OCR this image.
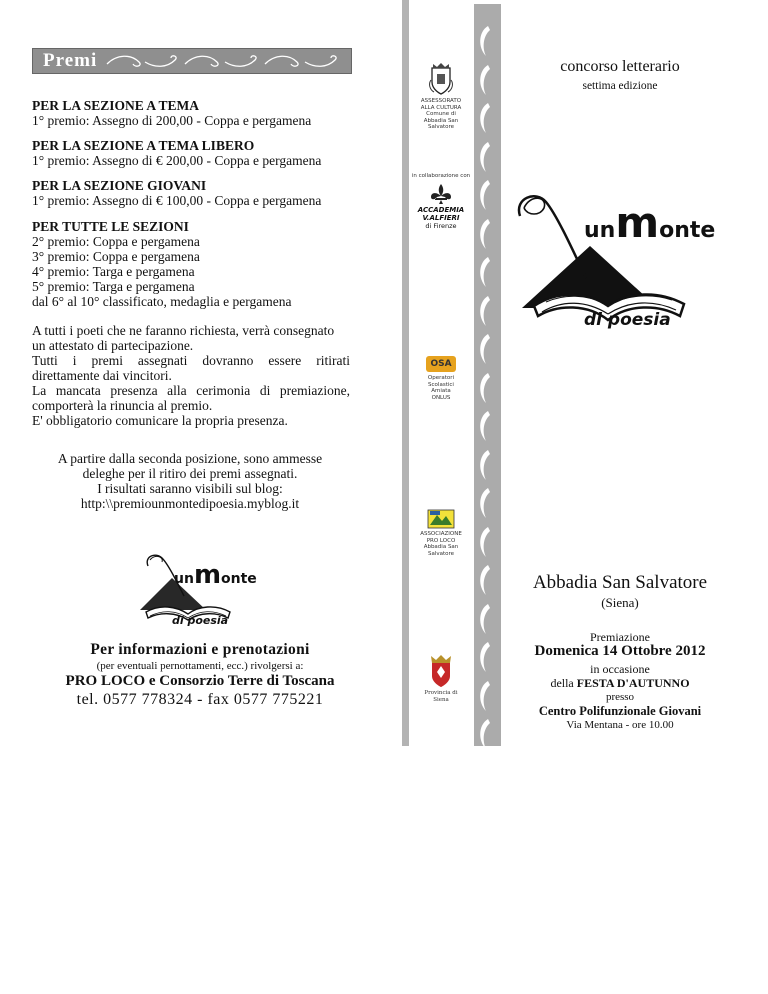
Premi
PER LA SEZIONE A TEMA
1° premio: Assegno di 200,00 - Coppa e pergamena
PER LA SEZIONE A TEMA LIBERO
1° premio: Assegno di € 200,00 - Coppa e pergamena
PER LA SEZIONE GIOVANI
1° premio: Assegno di € 100,00 - Coppa e pergamena
PER TUTTE LE SEZIONI
2° premio: Coppa e pergamena
3° premio: Coppa e pergamena
4° premio: Targa e pergamena
5° premio: Targa e pergamena
dal 6° al 10° classificato, medaglia e pergamena
A tutti i poeti che ne faranno richiesta, verrà consegnato
un attestato di partecipazione.
Tutti i premi assegnati dovranno essere ritirati
direttamente dai vincitori.
La mancata presenza alla cerimonia di premiazione,
comporterà la rinuncia al premio.
E' obbligatorio comunicare la propria presenza.
A partire dalla seconda posizione, sono ammesse
deleghe per il ritiro dei premi assegnati.
I risultati saranno visibili sul blog:
http:\\premiounmontedipoesia.myblog.it
unmonte
di poesia
Per informazioni e prenotazioni
(per eventuali pernottamenti, ecc.) rivolgersi a:
PRO LOCO e Consorzio Terre di Toscana
tel. 0577 778324 - fax 0577 775221
ASSESSORATO
ALLA CULTURA
Comune di
Abbadia San Salvatore
in collaborazione con
ACCADEMIA
V.ALFIERI
di Firenze
OSA
Operatori
Scolastici
Amiata
ONLUS
ASSOCIAZIONE
PRO LOCO
Abbadia San Salvatore
Provincia di
Siena
concorso letterario
settima edizione
unmonte
di poesia
Abbadia San Salvatore
(Siena)
Premiazione
Domenica 14 Ottobre 2012
in occasione
della FESTA D'AUTUNNO
presso
Centro Polifunzionale Giovani
Via Mentana - ore 10.00
